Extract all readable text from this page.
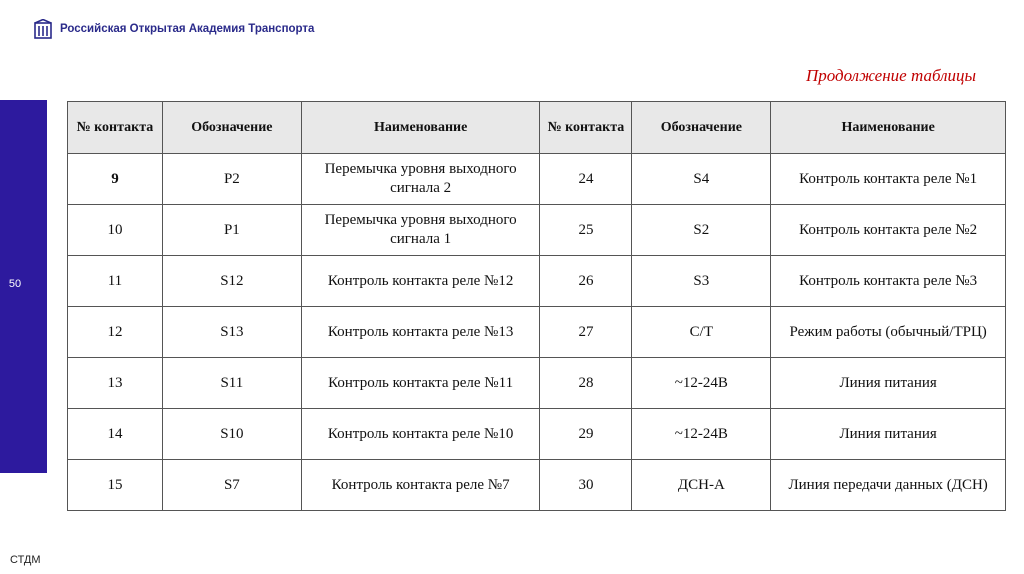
Российская Открытая Академия Транспорта
50
Продолжение таблицы
№ контакта	Обозначение	Наименование	№ контакта	Обозначение	Наименование
9	P2	Перемычка уровня выходного сигнала 2	24	S4	Контроль контакта реле №1
10	P1	Перемычка уровня выходного сигнала 1	25	S2	Контроль контакта реле №2
11	S12	Контроль контакта реле №12	26	S3	Контроль контакта реле №3
12	S13	Контроль контакта реле №13	27	C/T	Режим работы (обычный/ТРЦ)
13	S11	Контроль контакта реле №11	28	~12-24В	Линия питания
14	S10	Контроль контакта реле №10	29	~12-24В	Линия питания
15	S7	Контроль контакта реле №7	30	ДСН-А	Линия передачи данных (ДСН)
СТДМ
